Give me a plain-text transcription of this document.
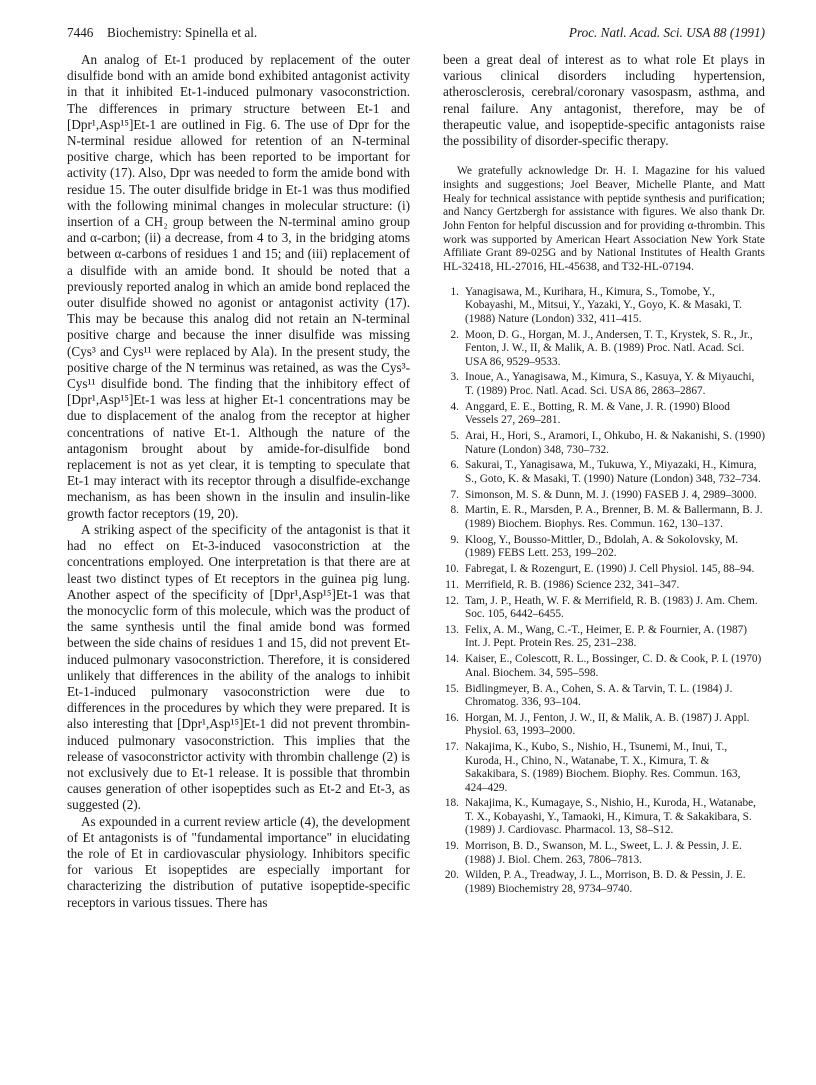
7446 Biochemistry: Spinella et al.	Proc. Natl. Acad. Sci. USA 88 (1991)

An analog of Et-1 produced by replacement of the outer disulfide bond with an amide bond exhibited antagonist activity in that it inhibited Et-1-induced pulmonary vasoconstriction. The differences in primary structure between Et-1 and [Dpr¹,Asp¹⁵]Et-1 are outlined in Fig. 6. The use of Dpr for the N-terminal residue allowed for retention of an N-terminal positive charge, which has been reported to be important for activity (17). Also, Dpr was needed to form the amide bond with residue 15. The outer disulfide bridge in Et-1 was thus modified with the following minimal changes in molecular structure: (i) insertion of a CH₂ group between the N-terminal amino group and α-carbon; (ii) a decrease, from 4 to 3, in the bridging atoms between α-carbons of residues 1 and 15; and (iii) replacement of a disulfide with an amide bond. It should be noted that a previously reported analog in which an amide bond replaced the outer disulfide showed no agonist or antagonist activity (17). This may be because this analog did not retain an N-terminal positive charge and because the inner disulfide was missing (Cys³ and Cys¹¹ were replaced by Ala). In the present study, the positive charge of the N terminus was retained, as was the Cys³-Cys¹¹ disulfide bond. The finding that the inhibitory effect of [Dpr¹,Asp¹⁵]Et-1 was less at higher Et-1 concentrations may be due to displacement of the analog from the receptor at higher concentrations of native Et-1. Although the nature of the antagonism brought about by amide-for-disulfide bond replacement is not as yet clear, it is tempting to speculate that Et-1 may interact with its receptor through a disulfide-exchange mechanism, as has been shown in the insulin and insulin-like growth factor receptors (19, 20).

A striking aspect of the specificity of the antagonist is that it had no effect on Et-3-induced vasoconstriction at the concentrations employed. One interpretation is that there are at least two distinct types of Et receptors in the guinea pig lung. Another aspect of the specificity of [Dpr¹,Asp¹⁵]Et-1 was that the monocyclic form of this molecule, which was the product of the same synthesis until the final amide bond was formed between the side chains of residues 1 and 15, did not prevent Et-induced pulmonary vasoconstriction. Therefore, it is considered unlikely that differences in the ability of the analogs to inhibit Et-1-induced pulmonary vasoconstriction were due to differences in the procedures by which they were prepared. It is also interesting that [Dpr¹,Asp¹⁵]Et-1 did not prevent thrombin-induced pulmonary vasoconstriction. This implies that the release of vasoconstrictor activity with thrombin challenge (2) is not exclusively due to Et-1 release. It is possible that thrombin causes generation of other isopeptides such as Et-2 and Et-3, as suggested (2).

As expounded in a current review article (4), the development of Et antagonists is of "fundamental importance" in elucidating the role of Et in cardiovascular physiology. Inhibitors specific for various Et isopeptides are especially important for characterizing the distribution of putative isopeptide-specific receptors in various tissues. There has

been a great deal of interest as to what role Et plays in various clinical disorders including hypertension, atherosclerosis, cerebral/coronary vasospasm, asthma, and renal failure. Any antagonist, therefore, may be of therapeutic value, and isopeptide-specific antagonists raise the possibility of disorder-specific therapy.

We gratefully acknowledge Dr. H. I. Magazine for his valued insights and suggestions; Joel Beaver, Michelle Plante, and Matt Healy for technical assistance with peptide synthesis and purification; and Nancy Gertzbergh for assistance with figures. We also thank Dr. John Fenton for helpful discussion and for providing α-thrombin. This work was supported by American Heart Association New York State Affiliate Grant 89-025G and by National Institutes of Health Grants HL-32418, HL-27016, HL-45638, and T32-HL-07194.

1. Yanagisawa, M., Kurihara, H., Kimura, S., Tomobe, Y., Kobayashi, M., Mitsui, Y., Yazaki, Y., Goyo, K. & Masaki, T. (1988) Nature (London) 332, 411–415.
2. Moon, D. G., Horgan, M. J., Andersen, T. T., Krystek, S. R., Jr., Fenton, J. W., II, & Malik, A. B. (1989) Proc. Natl. Acad. Sci. USA 86, 9529–9533.
3. Inoue, A., Yanagisawa, M., Kimura, S., Kasuya, Y. & Miyauchi, T. (1989) Proc. Natl. Acad. Sci. USA 86, 2863–2867.
4. Anggard, E. E., Botting, R. M. & Vane, J. R. (1990) Blood Vessels 27, 269–281.
5. Arai, H., Hori, S., Aramori, I., Ohkubo, H. & Nakanishi, S. (1990) Nature (London) 348, 730–732.
6. Sakurai, T., Yanagisawa, M., Tukuwa, Y., Miyazaki, H., Kimura, S., Goto, K. & Masaki, T. (1990) Nature (London) 348, 732–734.
7. Simonson, M. S. & Dunn, M. J. (1990) FASEB J. 4, 2989–3000.
8. Martin, E. R., Marsden, P. A., Brenner, B. M. & Ballermann, B. J. (1989) Biochem. Biophys. Res. Commun. 162, 130–137.
9. Kloog, Y., Bousso-Mittler, D., Bdolah, A. & Sokolovsky, M. (1989) FEBS Lett. 253, 199–202.
10. Fabregat, I. & Rozengurt, E. (1990) J. Cell Physiol. 145, 88–94.
11. Merrifield, R. B. (1986) Science 232, 341–347.
12. Tam, J. P., Heath, W. F. & Merrifield, R. B. (1983) J. Am. Chem. Soc. 105, 6442–6455.
13. Felix, A. M., Wang, C.-T., Heimer, E. P. & Fournier, A. (1987) Int. J. Pept. Protein Res. 25, 231–238.
14. Kaiser, E., Colescott, R. L., Bossinger, C. D. & Cook, P. I. (1970) Anal. Biochem. 34, 595–598.
15. Bidlingmeyer, B. A., Cohen, S. A. & Tarvin, T. L. (1984) J. Chromatog. 336, 93–104.
16. Horgan, M. J., Fenton, J. W., II, & Malik, A. B. (1987) J. Appl. Physiol. 63, 1993–2000.
17. Nakajima, K., Kubo, S., Nishio, H., Tsunemi, M., Inui, T., Kuroda, H., Chino, N., Watanabe, T. X., Kimura, T. & Sakakibara, S. (1989) Biochem. Biophy. Res. Commun. 163, 424–429.
18. Nakajima, K., Kumagaye, S., Nishio, H., Kuroda, H., Watanabe, T. X., Kobayashi, Y., Tamaoki, H., Kimura, T. & Sakakibara, S. (1989) J. Cardiovasc. Pharmacol. 13, S8–S12.
19. Morrison, B. D., Swanson, M. L., Sweet, L. J. & Pessin, J. E. (1988) J. Biol. Chem. 263, 7806–7813.
20. Wilden, P. A., Treadway, J. L., Morrison, B. D. & Pessin, J. E. (1989) Biochemistry 28, 9734–9740.
